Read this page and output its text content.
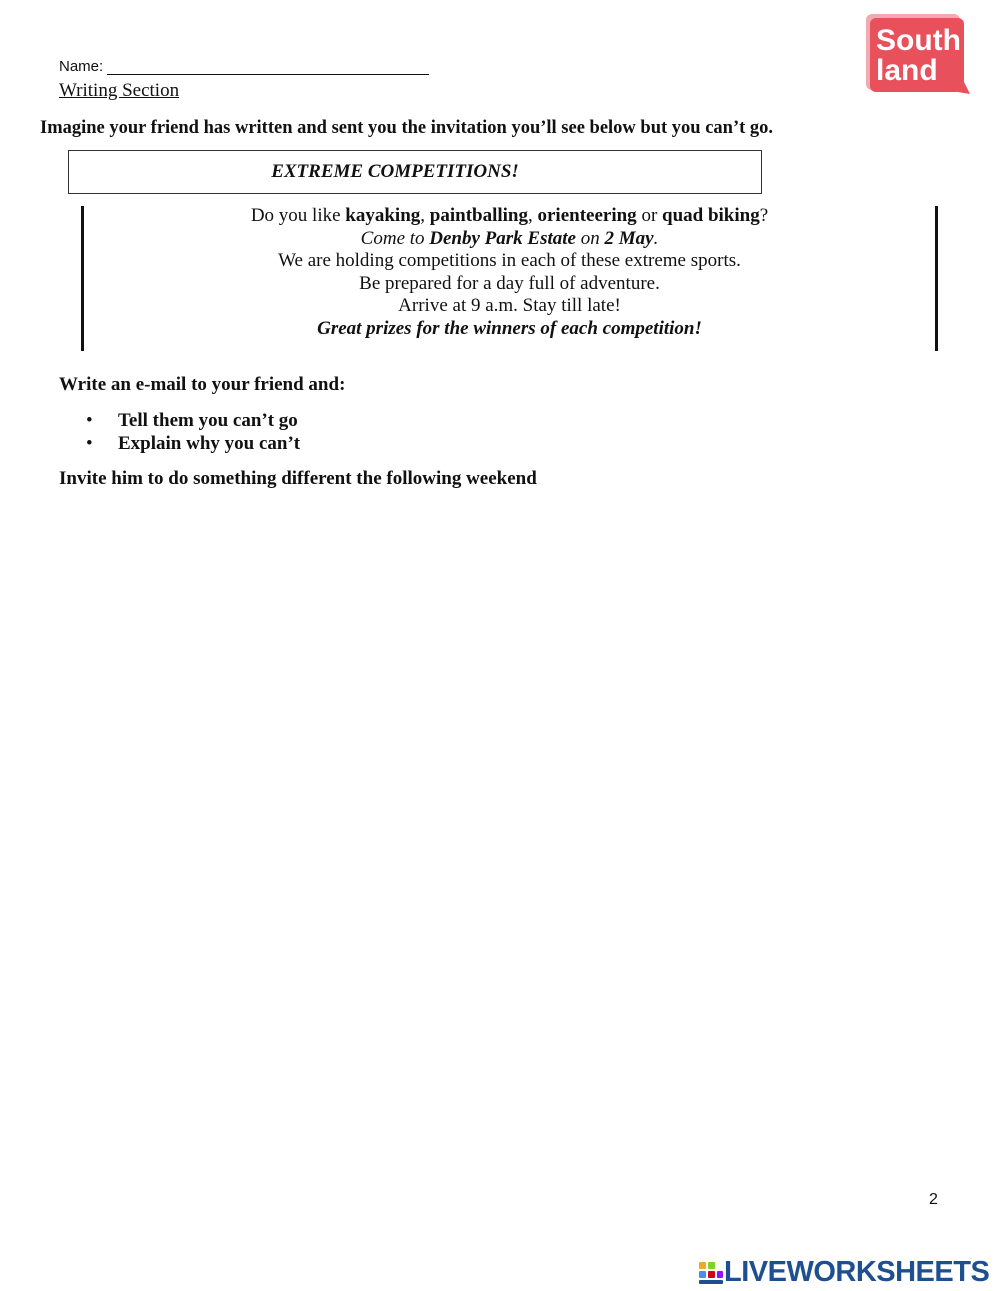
Name:
Writing Section
South
land
Imagine your friend has written and sent you the invitation you’ll see below but you can’t go.
EXTREME COMPETITIONS!
Do you like kayaking, paintballing, orienteering or quad biking?
Come to Denby Park Estate on 2 May.
We are holding competitions in each of these extreme sports.
Be prepared for a day full of adventure.
Arrive at 9 a.m. Stay till late!
Great prizes for the winners of each competition!
Write an e-mail to your friend and:
•	Tell them you can’t go
•	Explain why you can’t
Invite him to do something different the following weekend
2
LIVEWORKSHEETS
